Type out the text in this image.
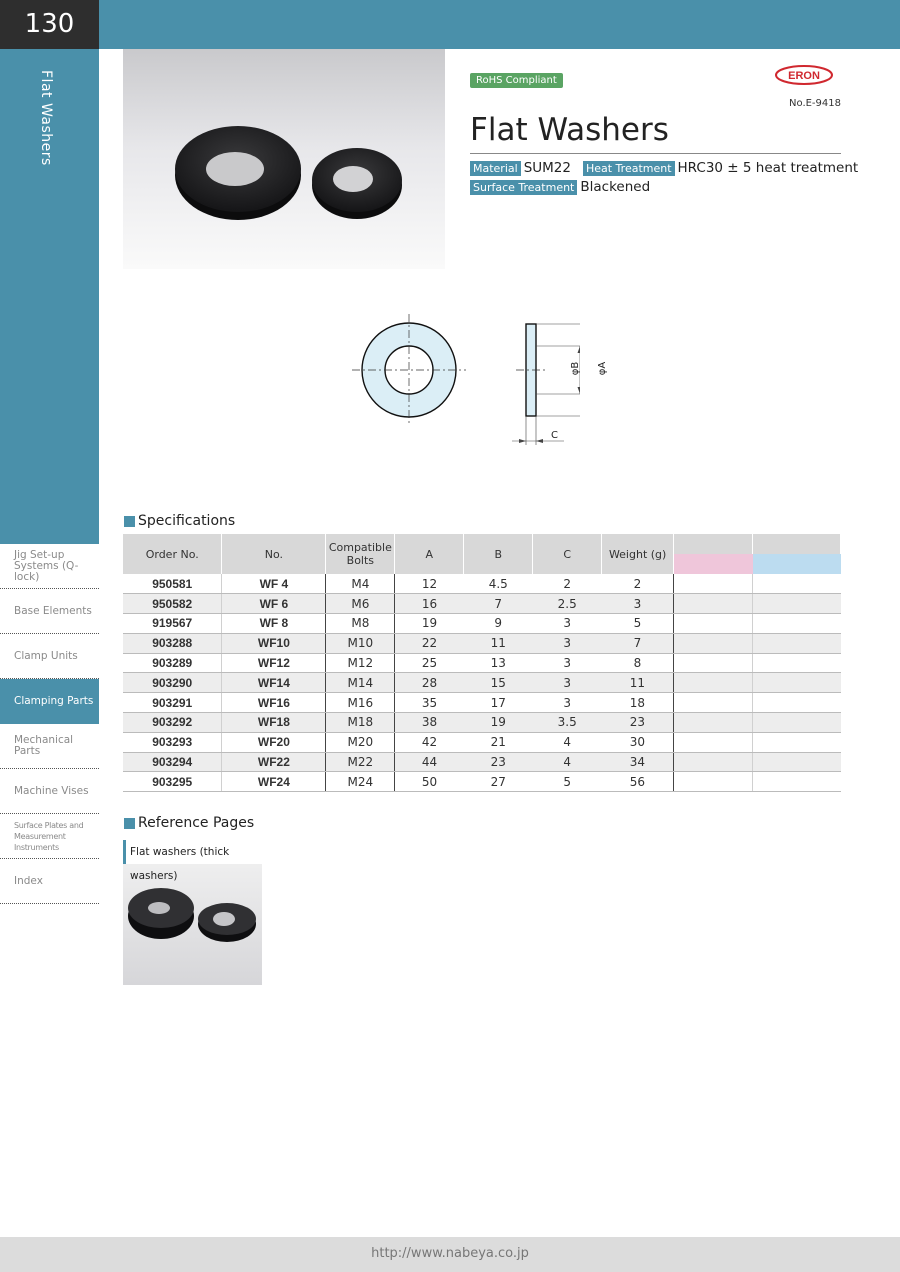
130
Flat Washers
Jig Set-up Systems (Q-lock)
Base Elements
Clamp Units
Clamping Parts
Mechanical Parts
Machine Vises
Surface Plates and Measurement Instruments
Index
RoHS Compliant	ERON
No.E-9418
Flat Washers
Material SUM22 Heat Treatment HRC30 ± 5 heat treatment
Surface Treatment Blackened
φB φA
C
Specifications
Order No.	No.	Compatible Bolts	A	B	C	Weight (g)		
950581	WF 4	M4	12	4.5	2	2		
950582	WF 6	M6	16	7	2.5	3		
919567	WF 8	M8	19	9	3	5		
903288	WF10	M10	22	11	3	7		
903289	WF12	M12	25	13	3	8		
903290	WF14	M14	28	15	3	11		
903291	WF16	M16	35	17	3	18		
903292	WF18	M18	38	19	3.5	23		
903293	WF20	M20	42	21	4	30		
903294	WF22	M22	44	23	4	34		
903295	WF24	M24	50	27	5	56		
Reference Pages
Flat washers (thick washers)
http://www.nabeya.co.jp
